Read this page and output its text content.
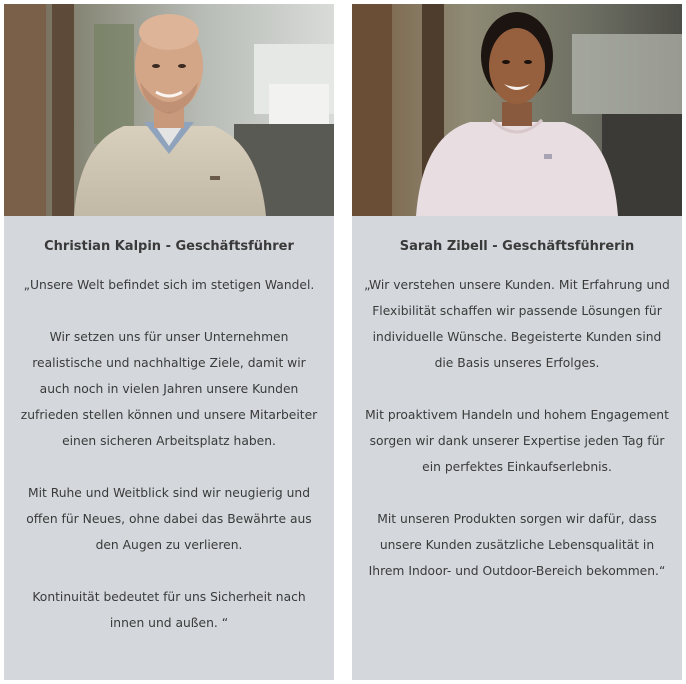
Christian Kalpin - Geschäftsführer

„Unsere Welt befindet sich im stetigen Wandel.

Wir setzen uns für unser Unternehmen realistische und nachhaltige Ziele, damit wir auch noch in vielen Jahren unsere Kunden zufrieden stellen können und unsere Mitarbeiter einen sicheren Arbeitsplatz haben.

Mit Ruhe und Weitblick sind wir neugierig und offen für Neues, ohne dabei das Bewährte aus den Augen zu verlieren.

Kontinuität bedeutet für uns Sicherheit nach innen und außen. “

Sarah Zibell - Geschäftsführerin

„Wir verstehen unsere Kunden. Mit Erfahrung und Flexibilität schaffen wir passende Lösungen für individuelle Wünsche. Begeisterte Kunden sind die Basis unseres Erfolges.

Mit proaktivem Handeln und hohem Engagement sorgen wir dank unserer Expertise jeden Tag für ein perfektes Einkaufserlebnis.

Mit unseren Produkten sorgen wir dafür, dass unsere Kunden zusätzliche Lebensqualität in Ihrem Indoor- und Outdoor-Bereich bekommen.“
